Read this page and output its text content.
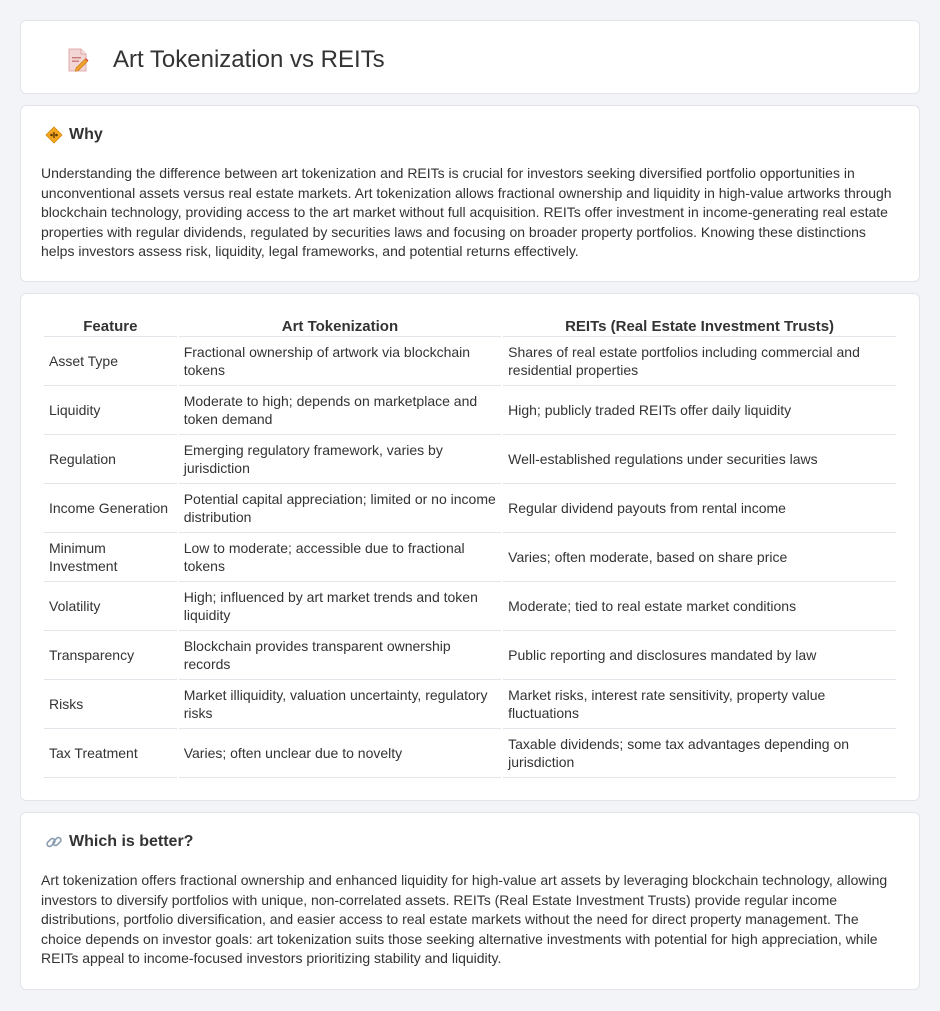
Art Tokenization vs REITs
Why

Understanding the difference between art tokenization and REITs is crucial for investors seeking diversified portfolio opportunities in unconventional assets versus real estate markets. Art tokenization allows fractional ownership and liquidity in high-value artworks through blockchain technology, providing access to the art market without full acquisition. REITs offer investment in income-generating real estate properties with regular dividends, regulated by securities laws and focusing on broader property portfolios. Knowing these distinctions helps investors assess risk, liquidity, legal frameworks, and potential returns effectively.

Feature	Art Tokenization	REITs (Real Estate Investment Trusts)
Asset Type	Fractional ownership of artwork via blockchain tokens	Shares of real estate portfolios including commercial and residential properties
Liquidity	Moderate to high; depends on marketplace and token demand	High; publicly traded REITs offer daily liquidity
Regulation	Emerging regulatory framework, varies by jurisdiction	Well-established regulations under securities laws
Income Generation	Potential capital appreciation; limited or no income distribution	Regular dividend payouts from rental income
Minimum Investment	Low to moderate; accessible due to fractional tokens	Varies; often moderate, based on share price
Volatility	High; influenced by art market trends and token liquidity	Moderate; tied to real estate market conditions
Transparency	Blockchain provides transparent ownership records	Public reporting and disclosures mandated by law
Risks	Market illiquidity, valuation uncertainty, regulatory risks	Market risks, interest rate sensitivity, property value fluctuations
Tax Treatment	Varies; often unclear due to novelty	Taxable dividends; some tax advantages depending on jurisdiction
Which is better?

Art tokenization offers fractional ownership and enhanced liquidity for high-value art assets by leveraging blockchain technology, allowing investors to diversify portfolios with unique, non-correlated assets. REITs (Real Estate Investment Trusts) provide regular income distributions, portfolio diversification, and easier access to real estate markets without the need for direct property management. The choice depends on investor goals: art tokenization suits those seeking alternative investments with potential for high appreciation, while REITs appeal to income-focused investors prioritizing stability and liquidity.
